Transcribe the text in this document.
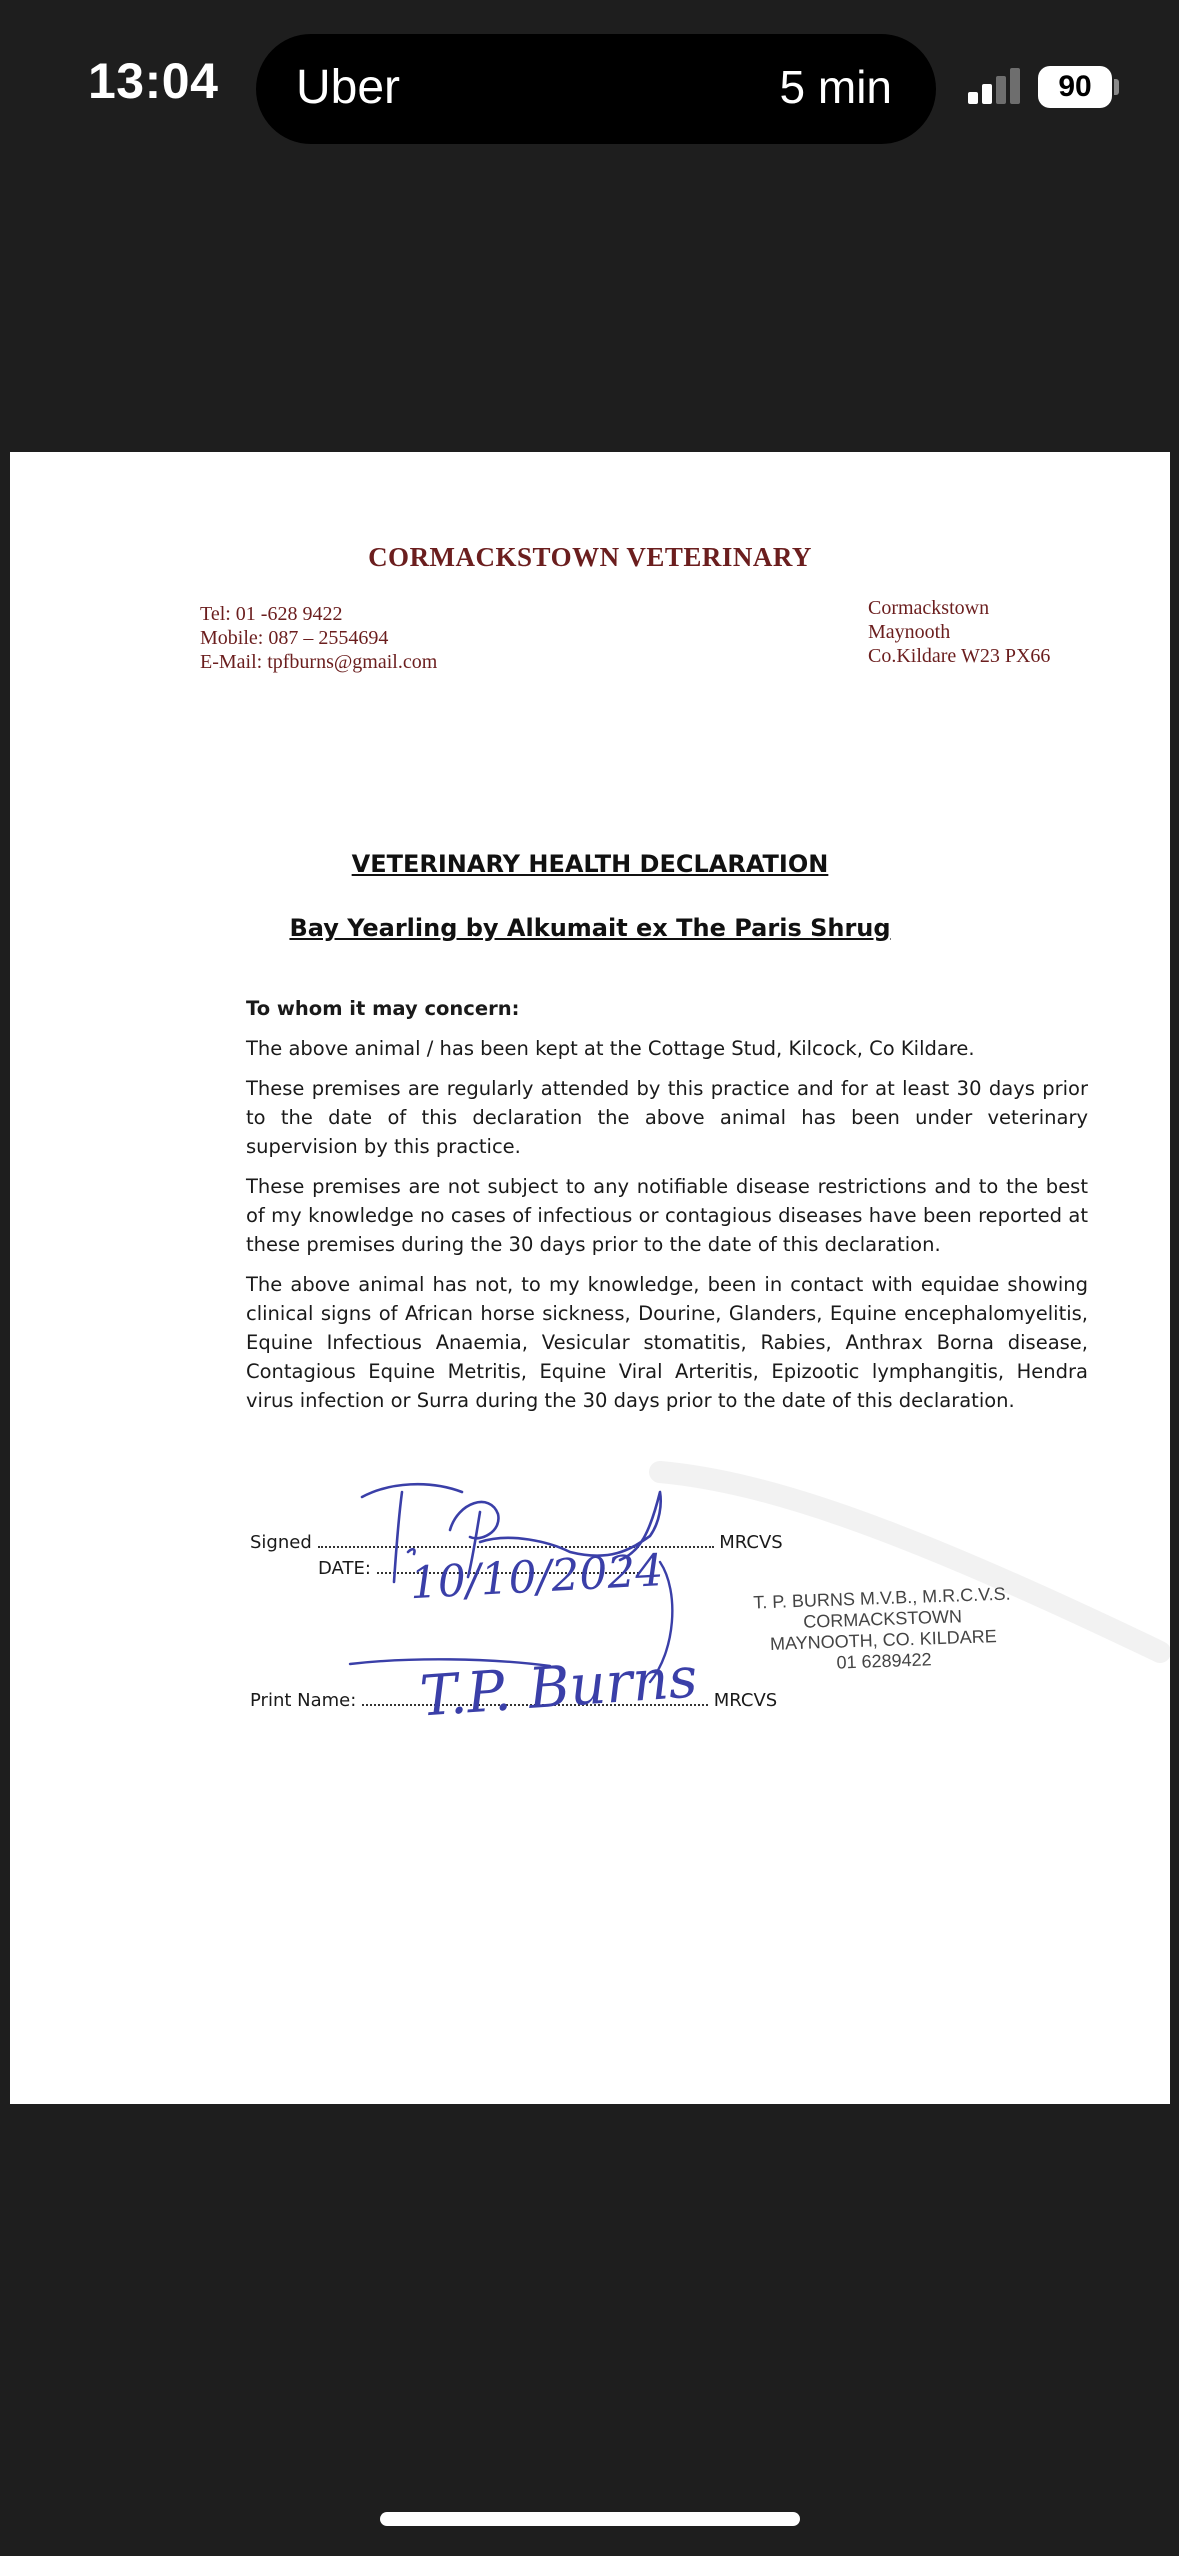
13:04 Uber	5 min	90
CORMACKSTOWN VETERINARY
Tel: 01 -628 9422
Mobile: 087 – 2554694
E-Mail: tpfburns@gmail.com
Cormackstown
Maynooth
Co.Kildare W23 PX66
VETERINARY HEALTH DECLARATION
Bay Yearling by Alkumait ex The Paris Shrug

To whom it may concern:

The above animal / has been kept at the Cottage Stud, Kilcock, Co Kildare.

These premises are regularly attended by this practice and for at least 30 days prior to the date of this declaration the above animal has been under veterinary supervision by this practice.

These premises are not subject to any notifiable disease restrictions and to the best of my knowledge no cases of infectious or contagious diseases have been reported at these premises during the 30 days prior to the date of this declaration.

The above animal has not, to my knowledge, been in contact with equidae showing clinical signs of African horse sickness, Dourine, Glanders, Equine encephalomyelitis, Equine Infectious Anaemia, Vesicular stomatitis, Rabies, Anthrax Borna disease, Contagious Equine Metritis, Equine Viral Arteritis, Epizootic lymphangitis, Hendra virus infection or Surra during the 30 days prior to the date of this declaration.

Signed	MRCVS
DATE:
Print Name:	MRCVS
10/10/2024
T.P. Burns
T. P. BURNS M.V.B., M.R.C.V.S.
CORMACKSTOWN
MAYNOOTH, CO. KILDARE
01 6289422
